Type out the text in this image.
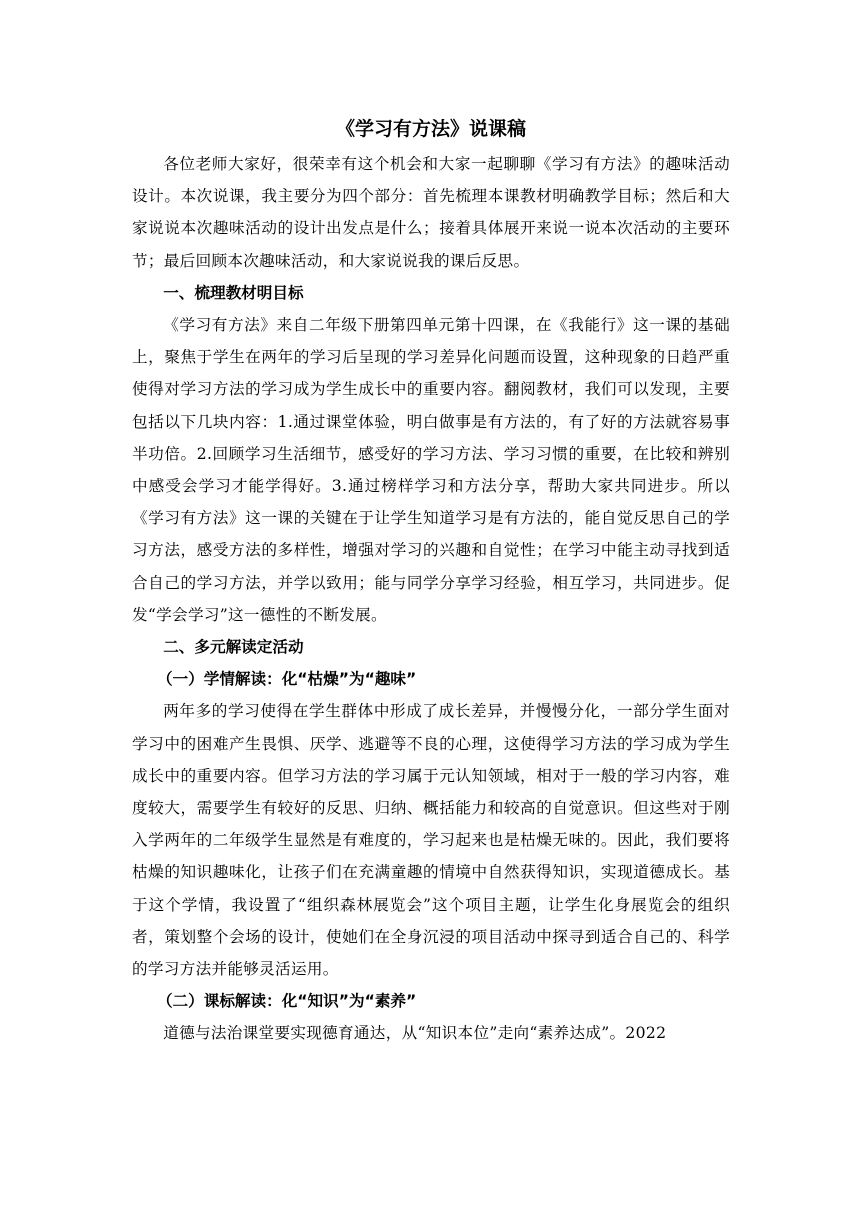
《学习有方法》说课稿

各位老师大家好，很荣幸有这个机会和大家一起聊聊《学习有方法》的趣味活动设计。本次说课，我主要分为四个部分：首先梳理本课教材明确教学目标；然后和大家说说本次趣味活动的设计出发点是什么；接着具体展开来说一说本次活动的主要环节；最后回顾本次趣味活动，和大家说说我的课后反思。

一、梳理教材明目标

《学习有方法》来自二年级下册第四单元第十四课，在《我能行》这一课的基础上，聚焦于学生在两年的学习后呈现的学习差异化问题而设置，这种现象的日趋严重使得对学习方法的学习成为学生成长中的重要内容。翻阅教材，我们可以发现，主要包括以下几块内容：1.通过课堂体验，明白做事是有方法的，有了好的方法就容易事半功倍。2.回顾学习生活细节，感受好的学习方法、学习习惯的重要，在比较和辨别中感受会学习才能学得好。3.通过榜样学习和方法分享，帮助大家共同进步。所以《学习有方法》这一课的关键在于让学生知道学习是有方法的，能自觉反思自己的学习方法，感受方法的多样性，增强对学习的兴趣和自觉性；在学习中能主动寻找到适合自己的学习方法，并学以致用；能与同学分享学习经验，相互学习，共同进步。促发“学会学习”这一德性的不断发展。

二、多元解读定活动
（一）学情解读：化“枯燥”为“趣味”

两年多的学习使得在学生群体中形成了成长差异，并慢慢分化，一部分学生面对学习中的困难产生畏惧、厌学、逃避等不良的心理，这使得学习方法的学习成为学生成长中的重要内容。但学习方法的学习属于元认知领域，相对于一般的学习内容，难度较大，需要学生有较好的反思、归纳、概括能力和较高的自觉意识。但这些对于刚入学两年的二年级学生显然是有难度的，学习起来也是枯燥无味的。因此，我们要将枯燥的知识趣味化，让孩子们在充满童趣的情境中自然获得知识，实现道德成长。基于这个学情，我设置了“组织森林展览会”这个项目主题，让学生化身展览会的组织者，策划整个会场的设计，使她们在全身沉浸的项目活动中探寻到适合自己的、科学的学习方法并能够灵活运用。

（二）课标解读：化“知识”为“素养”

道德与法治课堂要实现德育通达，从“知识本位”走向“素养达成”。2022
